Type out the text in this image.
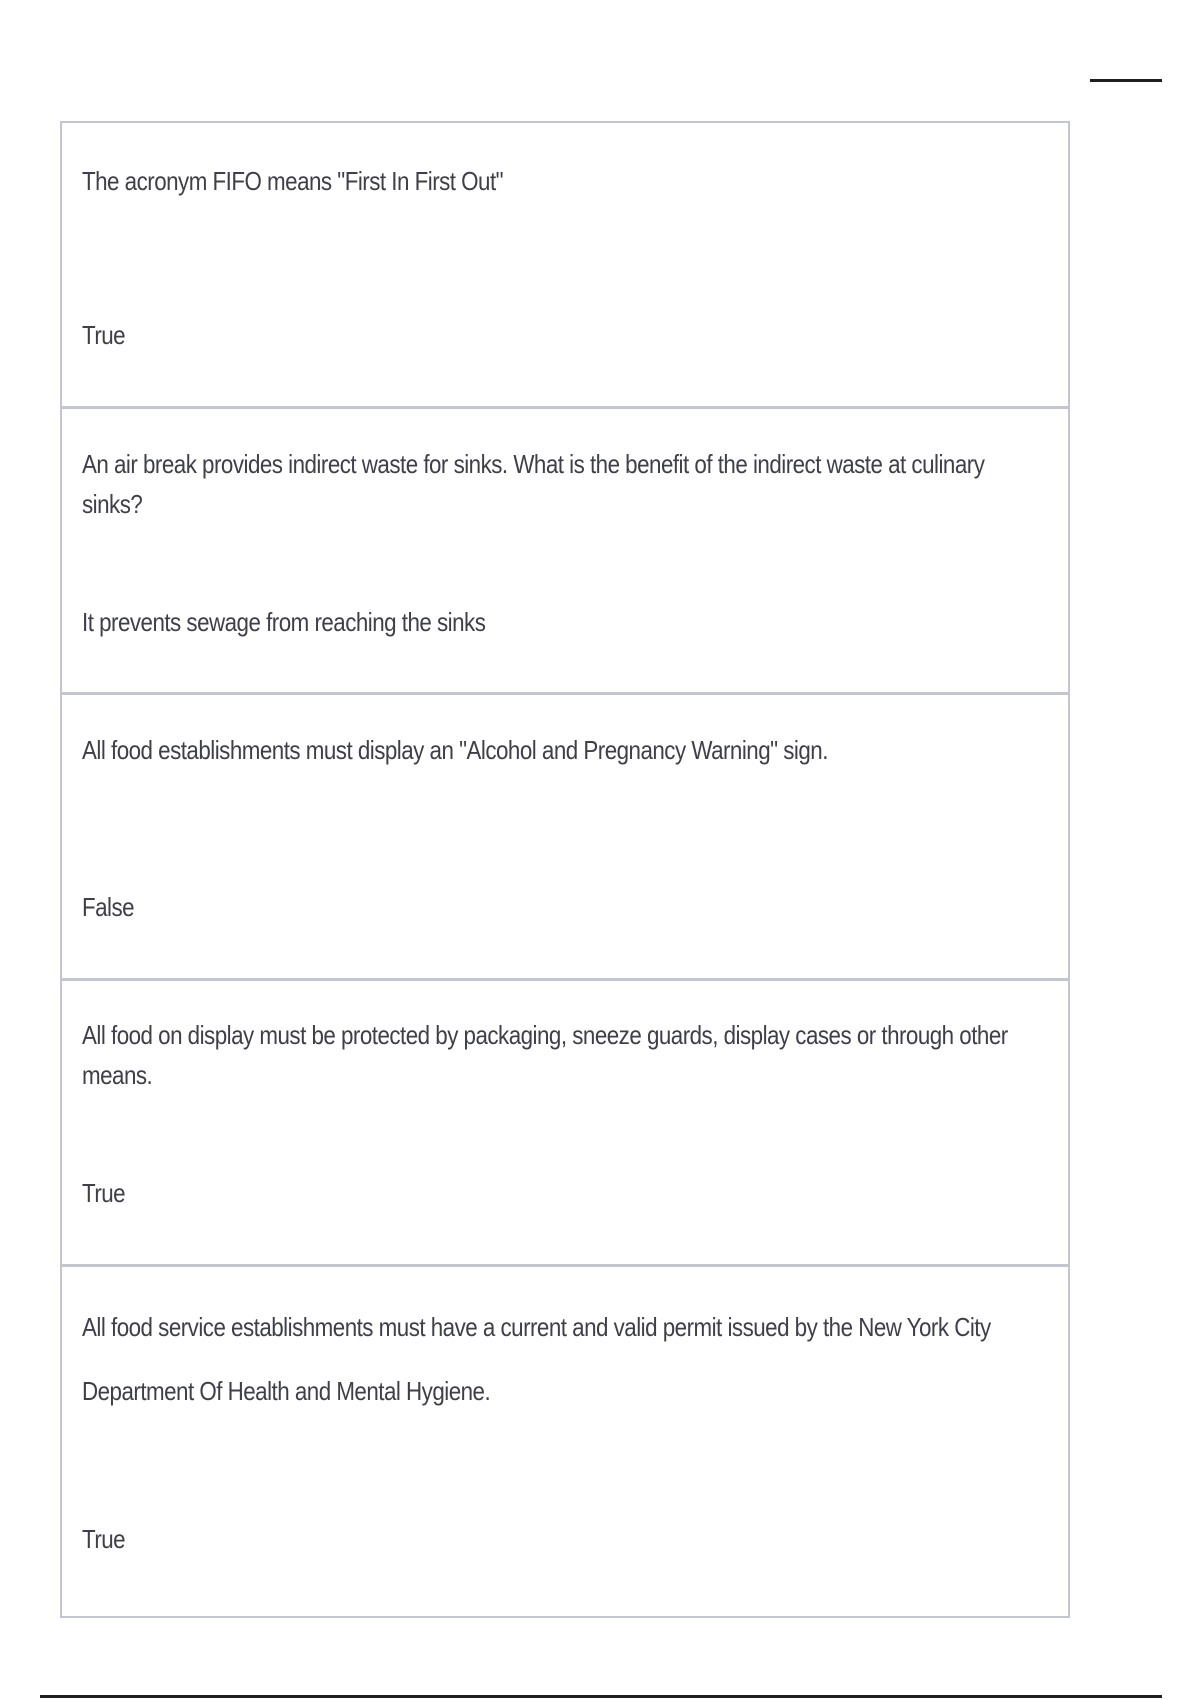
The acronym FIFO means "First In First Out"
True
An air break provides indirect waste for sinks. What is the benefit of the indirect waste at culinary sinks?
It prevents sewage from reaching the sinks
All food establishments must display an "Alcohol and Pregnancy Warning" sign.
False
All food on display must be protected by packaging, sneeze guards, display cases or through other means.
True
All food service establishments must have a current and valid permit issued by the New York City Department Of Health and Mental Hygiene.
True
